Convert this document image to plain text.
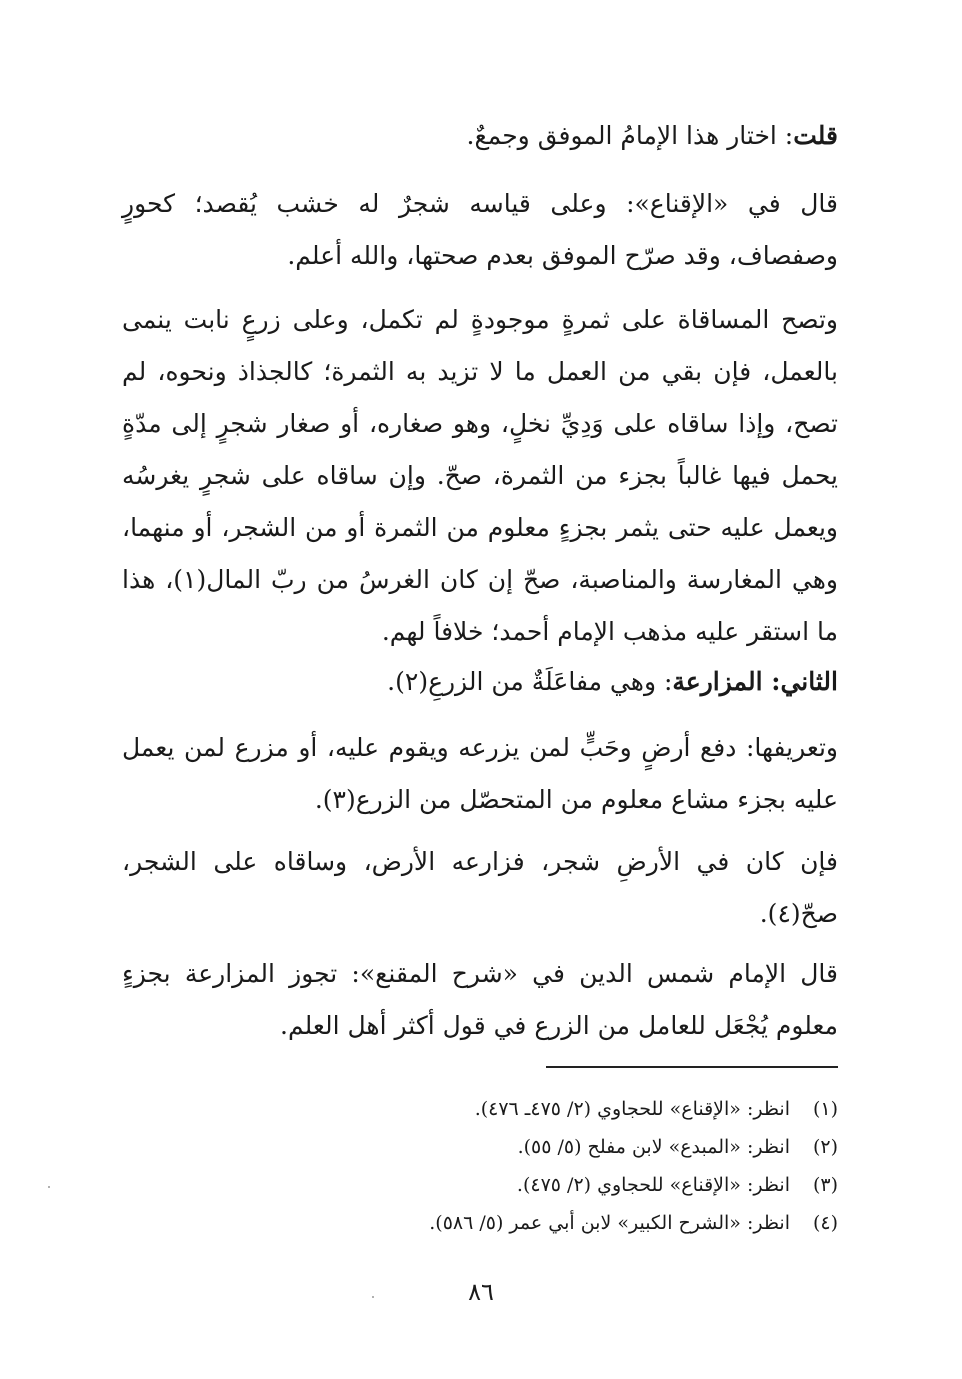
قلت: اختار هذا الإمامُ الموفق وجمعٌ.

قال في «الإقناع»: وعلى قياسه شجرٌ له خشب يُقصد؛ كحورٍ وصفصاف، وقد صرّح الموفق بعدم صحتها، والله أعلم.

وتصح المساقاة على ثمرةٍ موجودةٍ لم تكمل، وعلى زرعٍ نابت ينمى بالعمل، فإن بقي من العمل ما لا تزيد به الثمرة؛ كالجذاذ ونحوه، لم تصح، وإذا ساقاه على وَدِيِّ نخلٍ، وهو صغاره، أو صغار شجرٍ إلى مدّةٍ يحمل فيها غالباً بجزء من الثمرة، صحّ. وإن ساقاه على شجرٍ يغرسُه ويعمل عليه حتى يثمر بجزءٍ معلوم من الثمرة أو من الشجر، أو منهما، وهي المغارسة والمناصبة، صحّ إن كان الغرسُ من ربّ المال(١)، هذا ما استقر عليه مذهب الإمام أحمد؛ خلافاً لهم.

الثاني: المزارعة: وهي مفاعَلَةٌ من الزرعِ(٢).

وتعريفها: دفع أرضٍ وحَبٍّ لمن يزرعه ويقوم عليه، أو مزرع لمن يعمل عليه بجزء مشاع معلوم من المتحصّل من الزرع(٣).

فإن كان في الأرضِ شجر، فزارعه الأرض، وساقاه على الشجر، صحّ(٤).

قال الإمام شمس الدين في «شرح المقنع»: تجوز المزارعة بجزءٍ معلوم يُجْعَل للعامل من الزرع في قول أكثر أهل العلم.

(١)انظر: «الإقناع» للحجاوي (٢/ ٤٧٥ـ ٤٧٦).

(٢)انظر: «المبدع» لابن مفلح (٥/ ٥٥).

(٣)انظر: «الإقناع» للحجاوي (٢/ ٤٧٥).

(٤)انظر: «الشرح الكبير» لابن أبي عمر (٥/ ٥٨٦).

٨٦
